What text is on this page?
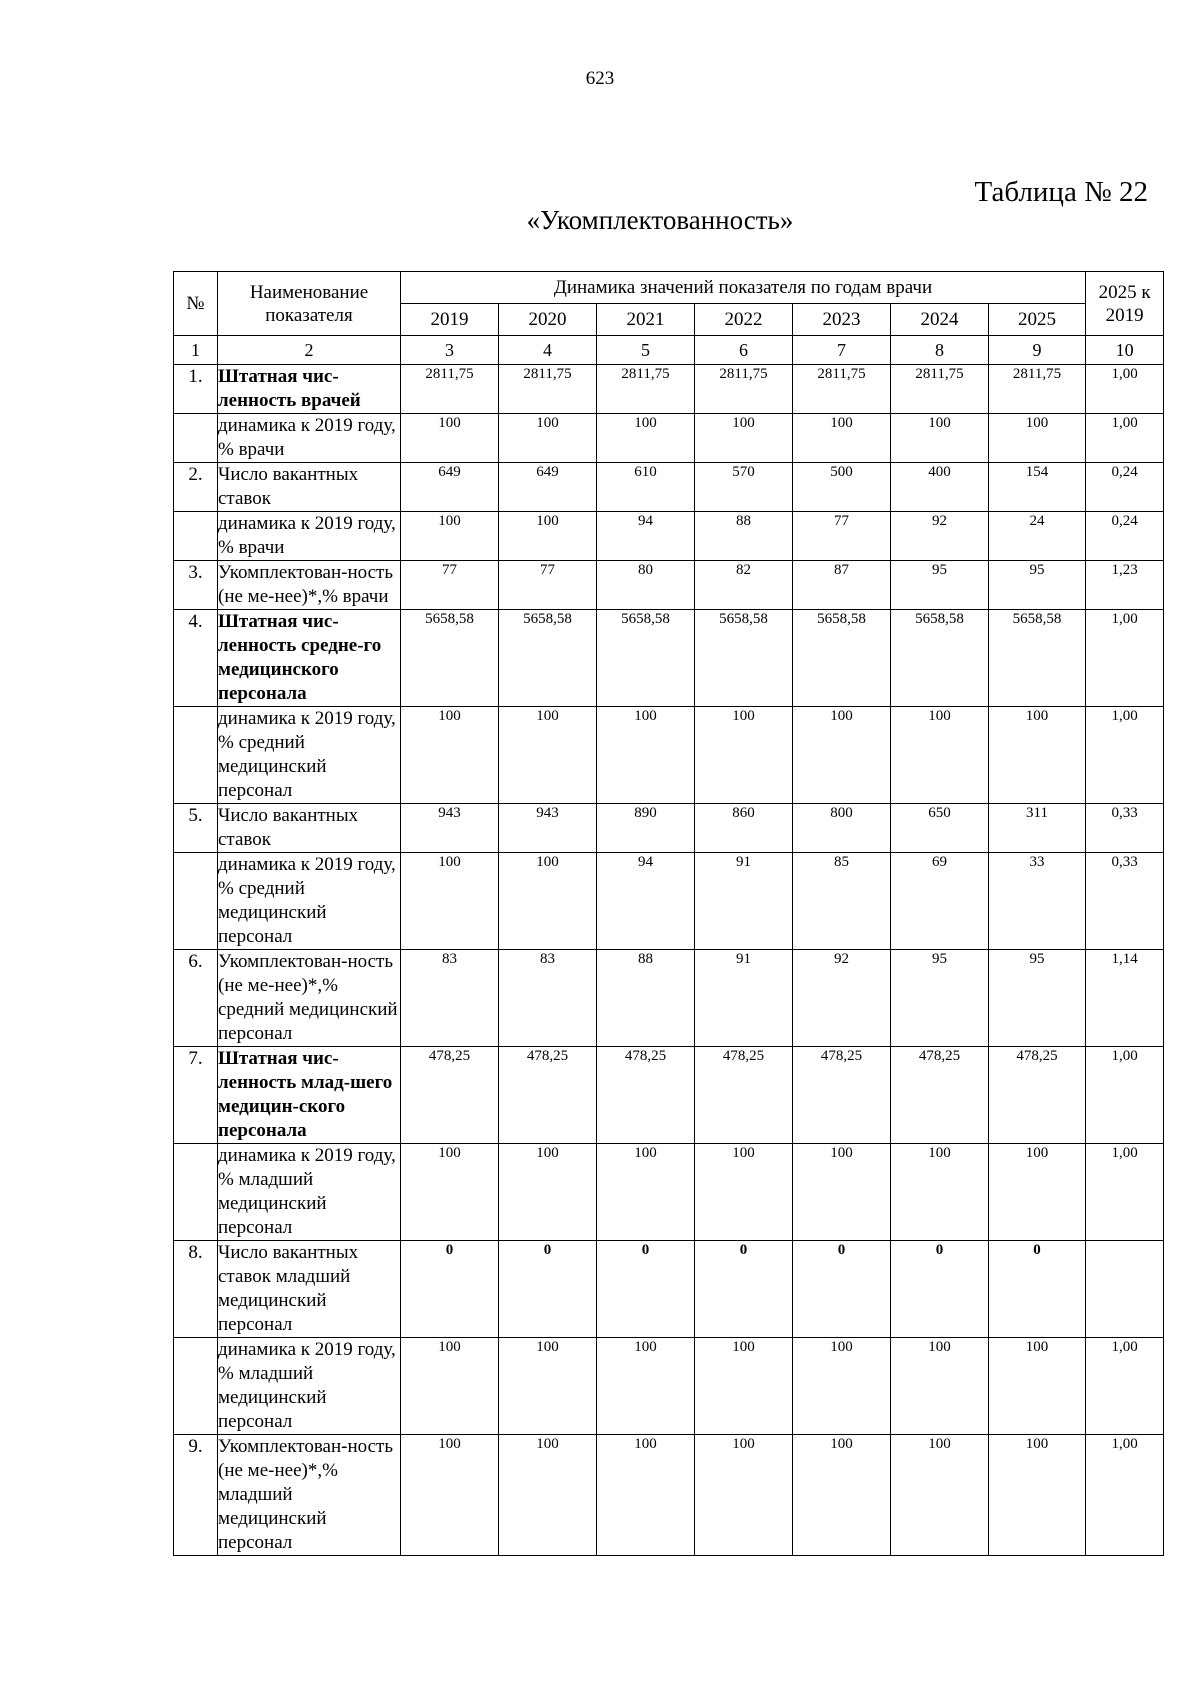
623
Таблица № 22
«Укомплектованность»
№	Наименование показателя	Динамика значений показателя по годам врачи							2025 к 2019
		2019	2020	2021	2022	2023	2024	2025	
1	2	3	4	5	6	7	8	9	10
1.	Штатная чис-ленность врачей	2811,75	2811,75	2811,75	2811,75	2811,75	2811,75	2811,75	1,00
	динамика к 2019 году, % врачи	100	100	100	100	100	100	100	1,00
2.	Число вакантных ставок	649	649	610	570	500	400	154	0,24
	динамика к 2019 году, % врачи	100	100	94	88	77	92	24	0,24
3.	Укомплектован-ность (не ме-нее)*,% врачи	77	77	80	82	87	95	95	1,23
4.	Штатная чис-ленность средне-го медицинского персонала	5658,58	5658,58	5658,58	5658,58	5658,58	5658,58	5658,58	1,00
	динамика к 2019 году, % средний медицинский персонал	100	100	100	100	100	100	100	1,00
5.	Число вакантных ставок	943	943	890	860	800	650	311	0,33
	динамика к 2019 году, % средний медицинский персонал	100	100	94	91	85	69	33	0,33
6.	Укомплектован-ность (не ме-нее)*,% средний медицинский персонал	83	83	88	91	92	95	95	1,14
7.	Штатная чис-ленность млад-шего медицин-ского персонала	478,25	478,25	478,25	478,25	478,25	478,25	478,25	1,00
	динамика к 2019 году, % младший медицинский персонал	100	100	100	100	100	100	100	1,00
8.	Число вакантных ставок младший медицинский персонал	0	0	0	0	0	0	0	
	динамика к 2019 году, % младший медицинский персонал	100	100	100	100	100	100	100	1,00
9.	Укомплектован-ность (не ме-нее)*,% младший медицинский персонал	100	100	100	100	100	100	100	1,00
